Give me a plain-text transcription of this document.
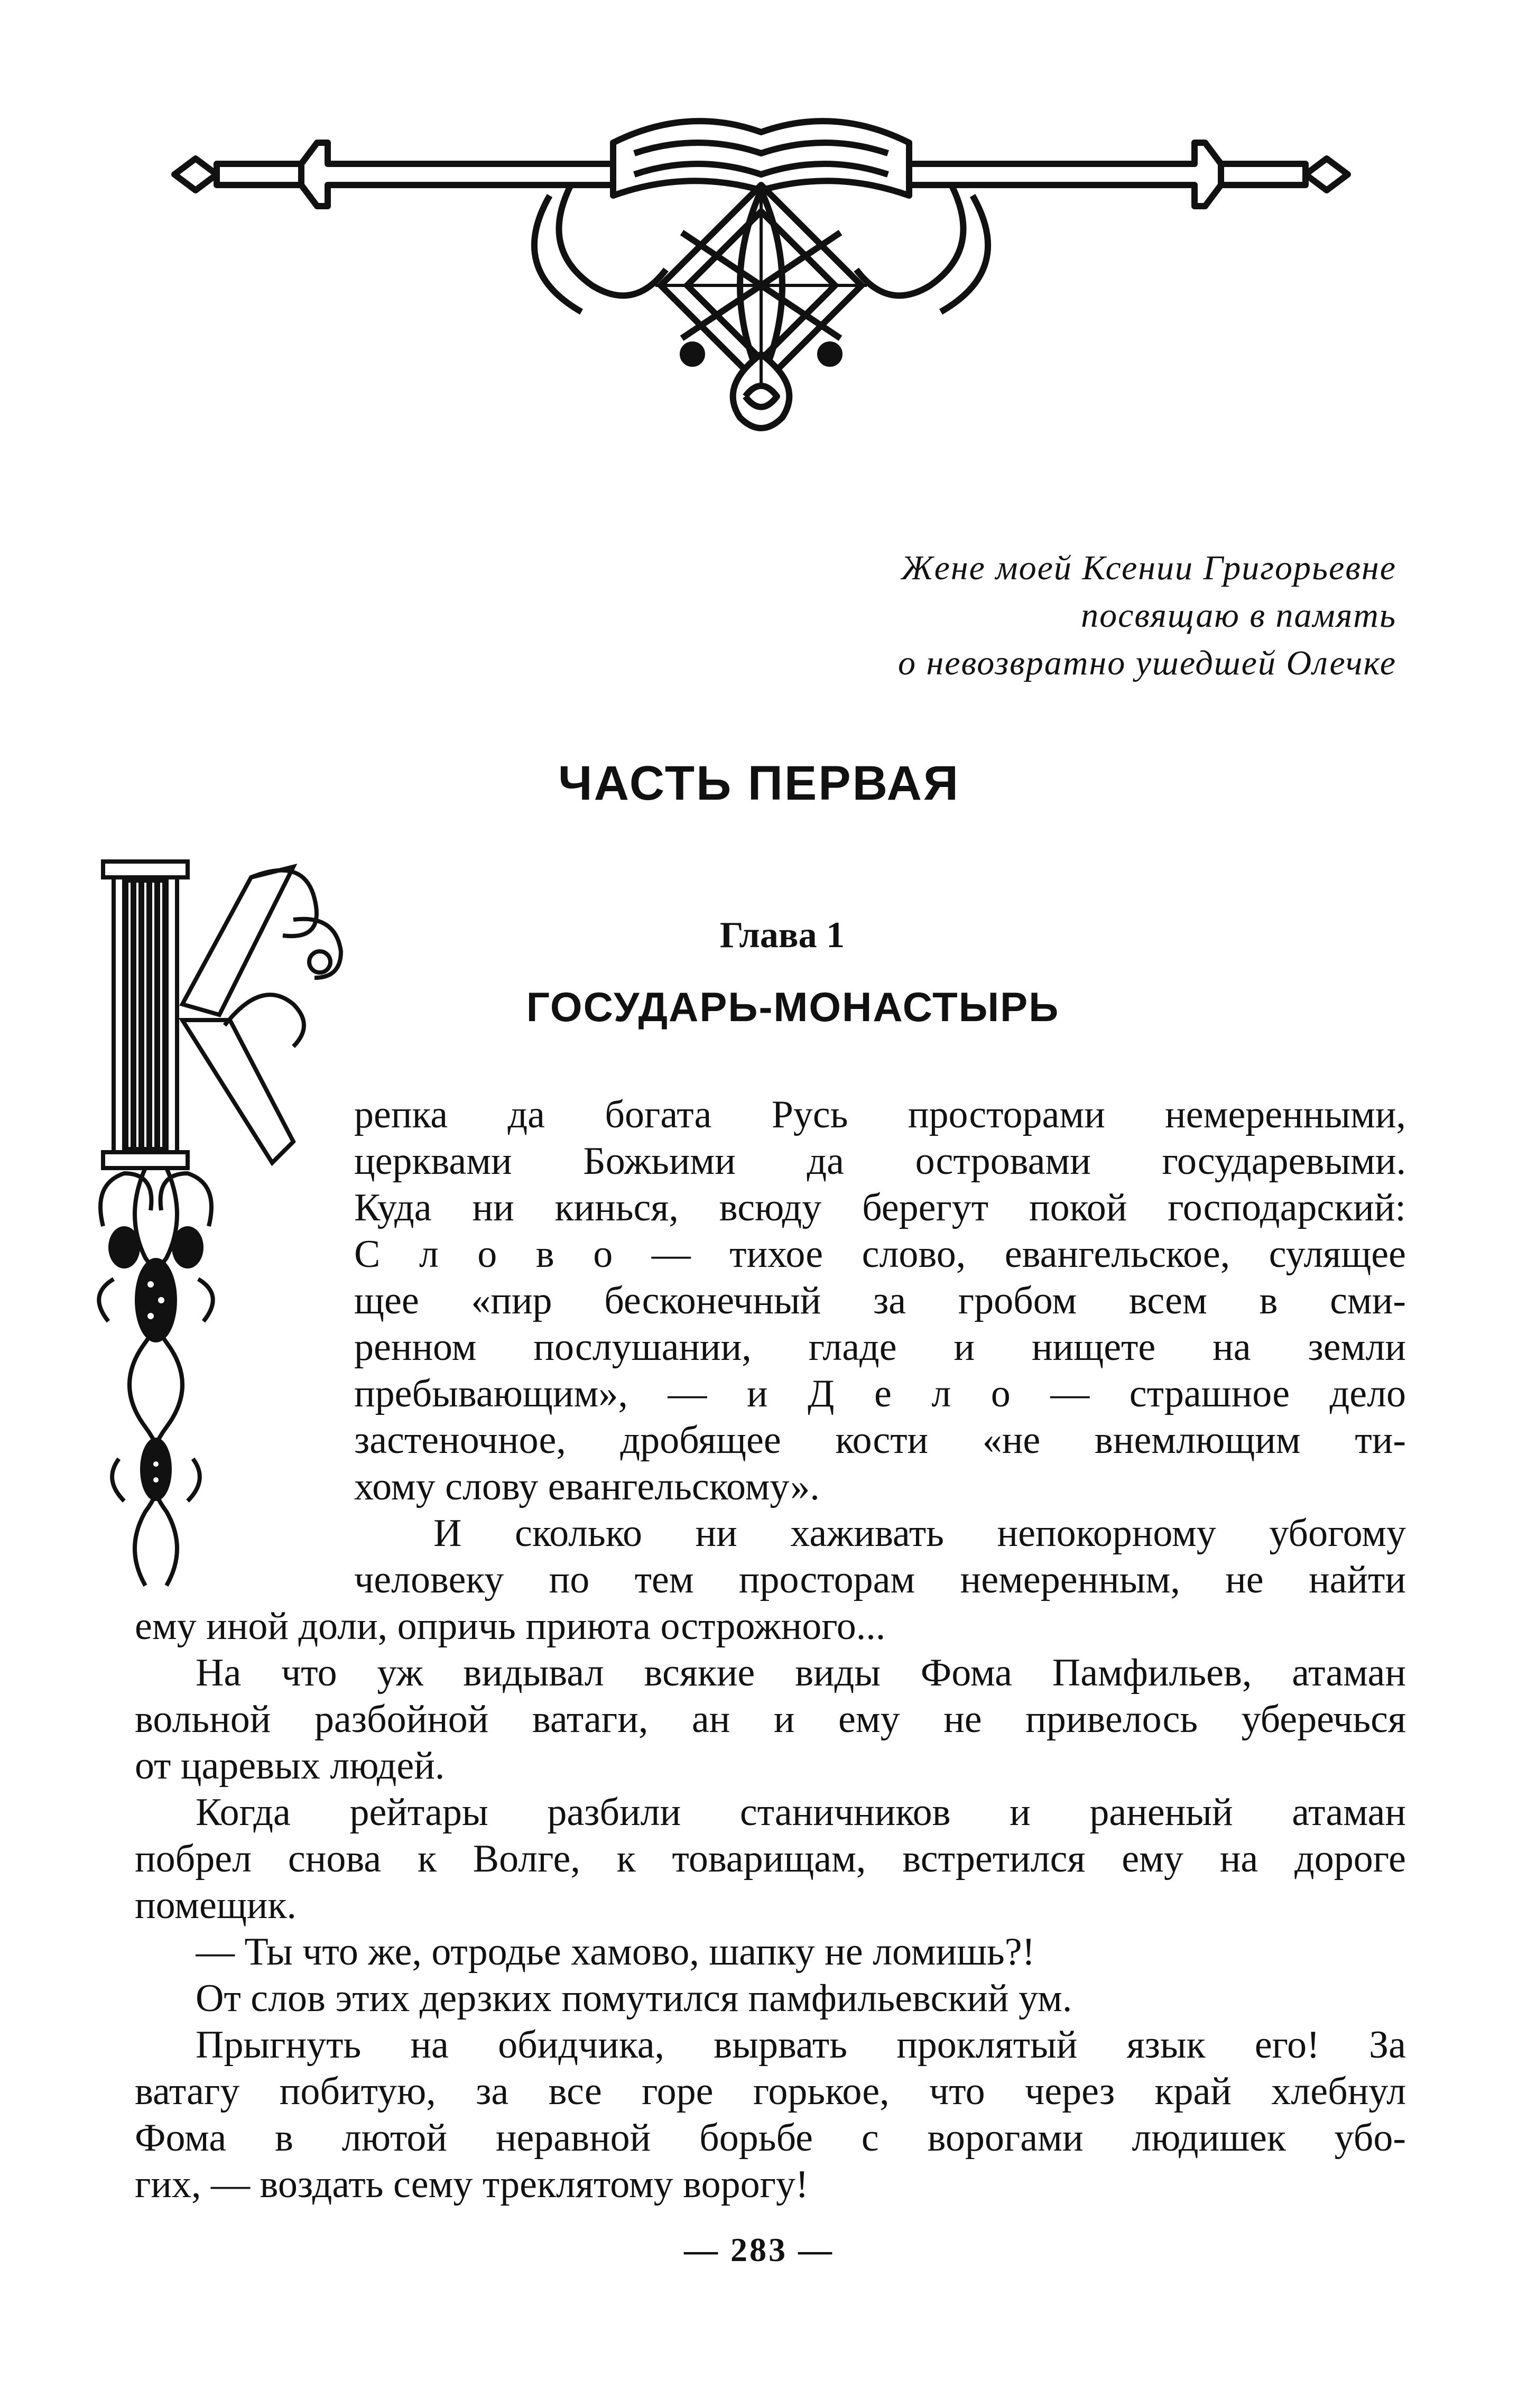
Жене моей Ксении Григорьевне
посвящаю в память
о невозвратно ушедшей Олечке
ЧАСТЬ ПЕРВАЯ
Глава 1
ГОСУДАРЬ-МОНАСТЫРЬ
репка да богата Русь просторами немеренными,
церквами Божьими да островами государевыми.
Куда ни кинься, всюду берегут покой господарский:
С л о в о — тихое слово, евангельское, сулящее
щее «пир бесконечный за гробом всем в сми-
ренном послушании, гладе и нищете на земли
пребывающим», — и Д е л о — страшное дело
застеночное, дробящее кости «не внемлющим ти-
хому слову евангельскому».
И сколько ни хаживать непокорному убогому
человеку по тем просторам немеренным, не найти
ему иной доли, опричь приюта острожного...
На что уж видывал всякие виды Фома Памфильев, атаман
вольной разбойной ватаги, ан и ему не привелось уберечься
от царевых людей.
Когда рейтары разбили станичников и раненый атаман
побрел снова к Волге, к товарищам, встретился ему на дороге
помещик.
— Ты что же, отродье хамово, шапку не ломишь?!
От слов этих дерзких помутился памфильевский ум.
Прыгнуть на обидчика, вырвать проклятый язык его! За
ватагу побитую, за все горе горькое, что через край хлебнул
Фома в лютой неравной борьбе с ворогами людишек убо-
гих, — воздать сему треклятому ворогу!
— 283 —
